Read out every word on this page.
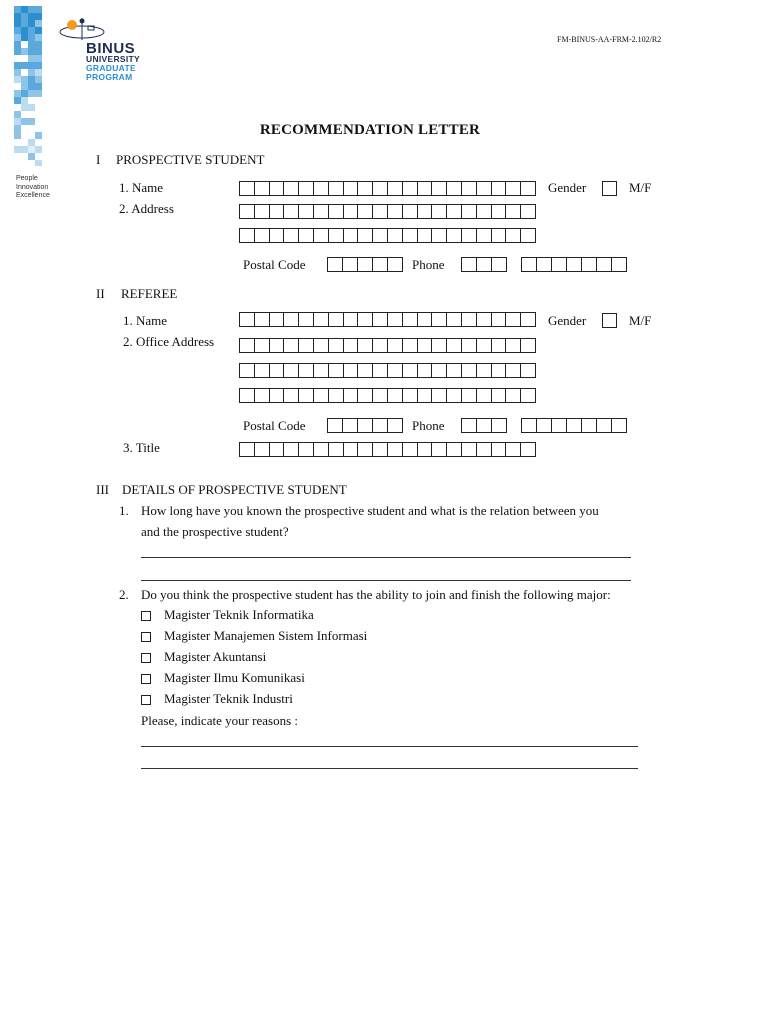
BINUS
UNIVERSITY
GRADUATE
PROGRAM
People
Innovation
Excellence
FM-BINUS-AA-FRM-2.102/R2
RECOMMENDATION LETTER
I PROSPECTIVE STUDENT
1. Name	Gender	M/F
2. Address
Postal Code	Phone
II REFEREE
1. Name	Gender	M/F
2. Office Address
Postal Code	Phone
3. Title
III DETAILS OF PROSPECTIVE STUDENT
1. How long have you known the prospective student and what is the relation between you
and the prospective student?
2. Do you think the prospective student has the ability to join and finish the following major:
Magister Teknik Informatika
Magister Manajemen Sistem Informasi
Magister Akuntansi
Magister Ilmu Komunikasi
Magister Teknik Industri
Please, indicate your reasons :
